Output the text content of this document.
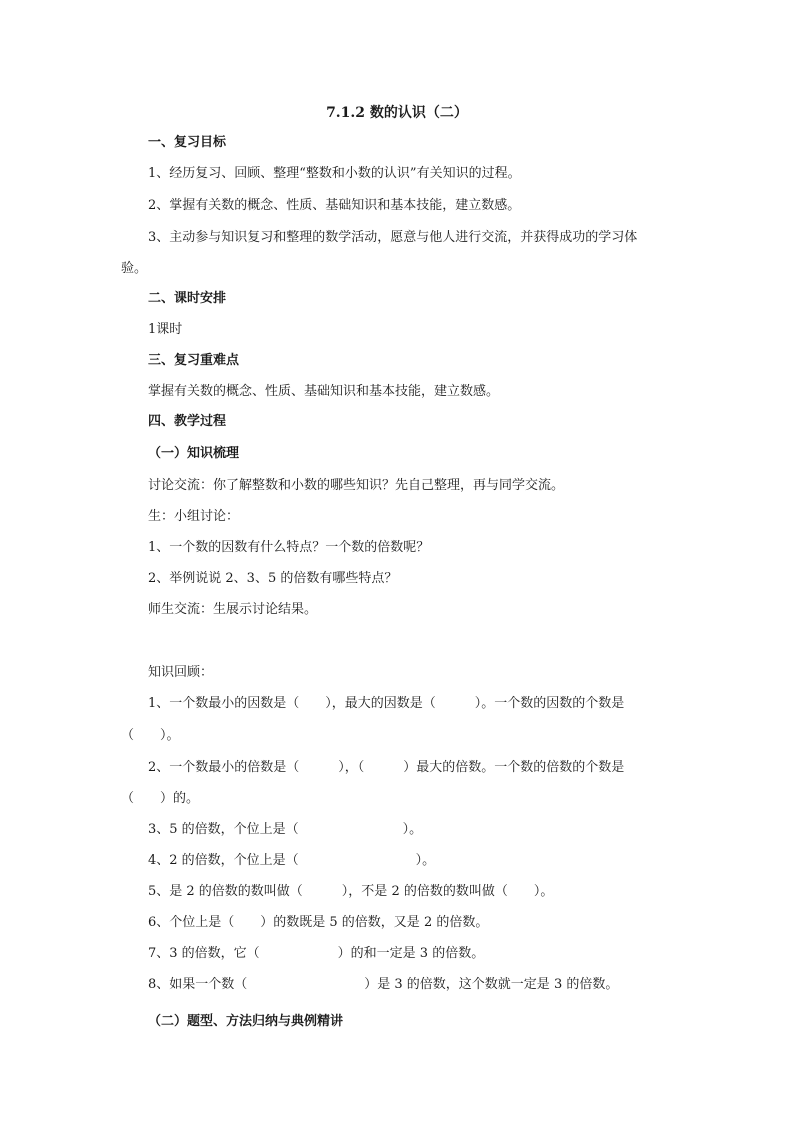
7.1.2 数的认识（二）
一、复习目标
1、经历复习、回顾、整理“整数和小数的认识”有关知识的过程。
2、掌握有关数的概念、性质、基础知识和基本技能，建立数感。
3、主动参与知识复习和整理的数学活动，愿意与他人进行交流，并获得成功的学习体
验。
二、课时安排
1课时
三、复习重难点
掌握有关数的概念、性质、基础知识和基本技能，建立数感。
四、教学过程
（一）知识梳理
讨论交流：你了解整数和小数的哪些知识？先自己整理，再与同学交流。
生：小组讨论：
1、一个数的因数有什么特点？一个数的倍数呢？
2、举例说说 2、3、5 的倍数有哪些特点？
师生交流：生展示讨论结果。
知识回顾：
1、一个数最小的因数是（　　），最大的因数是（　　　）。一个数的因数的个数是
（　　）。
2、一个数最小的倍数是（　　　），（　　　）最大的倍数。一个数的倍数的个数是
（　　）的。
3、5 的倍数，个位上是（　　　　　　　　）。
4、2 的倍数，个位上是（　　　　　　　　　）。
5、是 2 的倍数的数叫做（　　　），不是 2 的倍数的数叫做（　　）。
6、个位上是（　　）的数既是 5 的倍数，又是 2 的倍数。
7、3 的倍数，它（　　　　　　）的和一定是 3 的倍数。
8、如果一个数（　　　　　　　　　）是 3 的倍数，这个数就一定是 3 的倍数。
（二）题型、方法归纳与典例精讲
